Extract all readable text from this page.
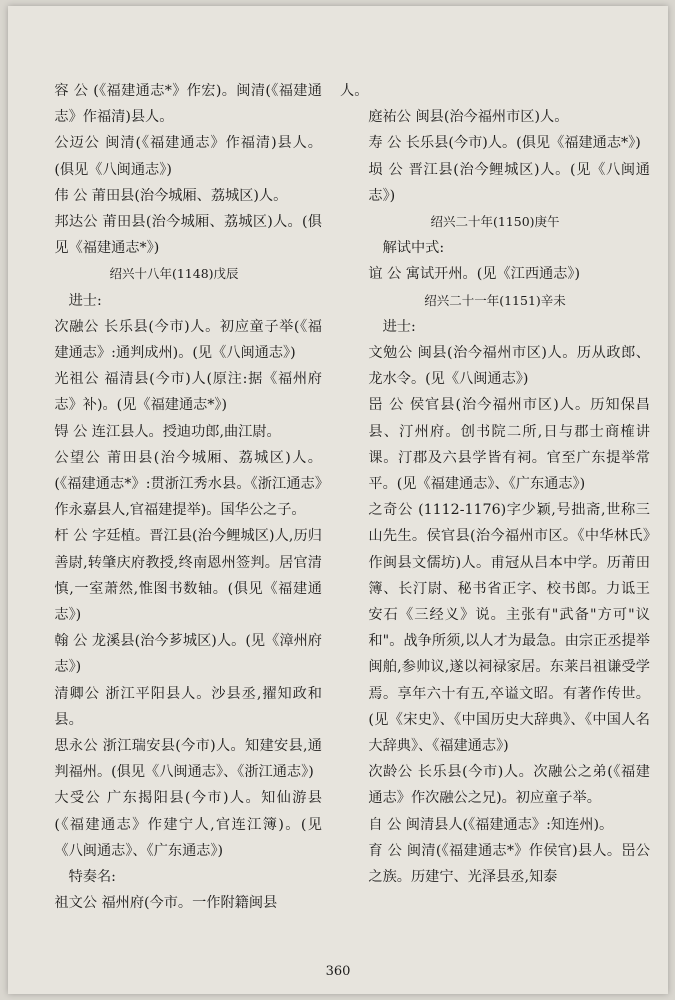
容 公 (《福建通志*》作宏)。闽清(《福建通志》作福清)县人。

公迈公 闽清(《福建通志》作福清)县人。(俱见《八闽通志》)

伟 公 莆田县(治今城厢、荔城区)人。

邦达公 莆田县(治今城厢、荔城区)人。(俱见《福建通志*》)

绍兴十八年(1148)戊辰

进士:

次融公 长乐县(今市)人。初应童子举(《福建通志》:通判成州)。(见《八闽通志》)

光祖公 福清县(今市)人(原注:据《福州府志》补)。(见《福建通志*》)

锝 公 连江县人。授迪功郎,曲江尉。

公望公 莆田县(治今城厢、荔城区)人。(《福建通志*》:贯浙江秀水县。《浙江通志》作永嘉县人,官福建提举)。国华公之子。

杆 公 字廷植。晋江县(治今鲤城区)人,历归善尉,转肇庆府教授,终南恩州签判。居官清慎,一室萧然,惟图书数轴。(俱见《福建通志》)

翰 公 龙溪县(治今芗城区)人。(见《漳州府志》)

清卿公 浙江平阳县人。沙县丞,擢知政和县。

思永公 浙江瑞安县(今市)人。知建安县,通判福州。(俱见《八闽通志》、《浙江通志》)

大受公 广东揭阳县(今市)人。知仙游县(《福建通志》作建宁人,官连江簿)。(见《八闽通志》、《广东通志》)

特奏名:

祖文公 福州府(今市。一作附籍闽县

人。

庭祐公 闽县(治今福州市区)人。

寿 公 长乐县(今市)人。(俱见《福建通志*》)

埙 公 晋江县(治今鲤城区)人。(见《八闽通志》)

绍兴二十年(1150)庚午

解试中式:

谊 公 寓试开州。(见《江西通志》)

绍兴二十一年(1151)辛未

进士:

文勉公 闽县(治今福州市区)人。历从政郎、龙水令。(见《八闽通志》)

岊 公 侯官县(治今福州市区)人。历知保昌县、汀州府。创书院二所,日与郡士商榷讲课。汀郡及六县学皆有祠。官至广东提举常平。(见《福建通志》、《广东通志》)

之奇公 (1112-1176)字少颖,号拙斋,世称三山先生。侯官县(治今福州市区。《中华林氏》作闽县文儒坊)人。甫冠从吕本中学。历莆田簿、长汀尉、秘书省正字、校书郎。力诋王安石《三经义》说。主张有"武备"方可"议和"。战争所须,以人才为最急。由宗正丞提举闽舶,参帅议,遂以祠禄家居。东莱吕祖谦受学焉。享年六十有五,卒谥文昭。有著作传世。(见《宋史》、《中国历史大辞典》、《中国人名大辞典》、《福建通志》)

次龄公 长乐县(今市)人。次融公之弟(《福建通志》作次融公之兄)。初应童子举。

自 公 闽清县人(《福建通志》:知连州)。

育 公 闽清(《福建通志*》作侯官)县人。岊公之族。历建宁、光泽县丞,知泰

360
